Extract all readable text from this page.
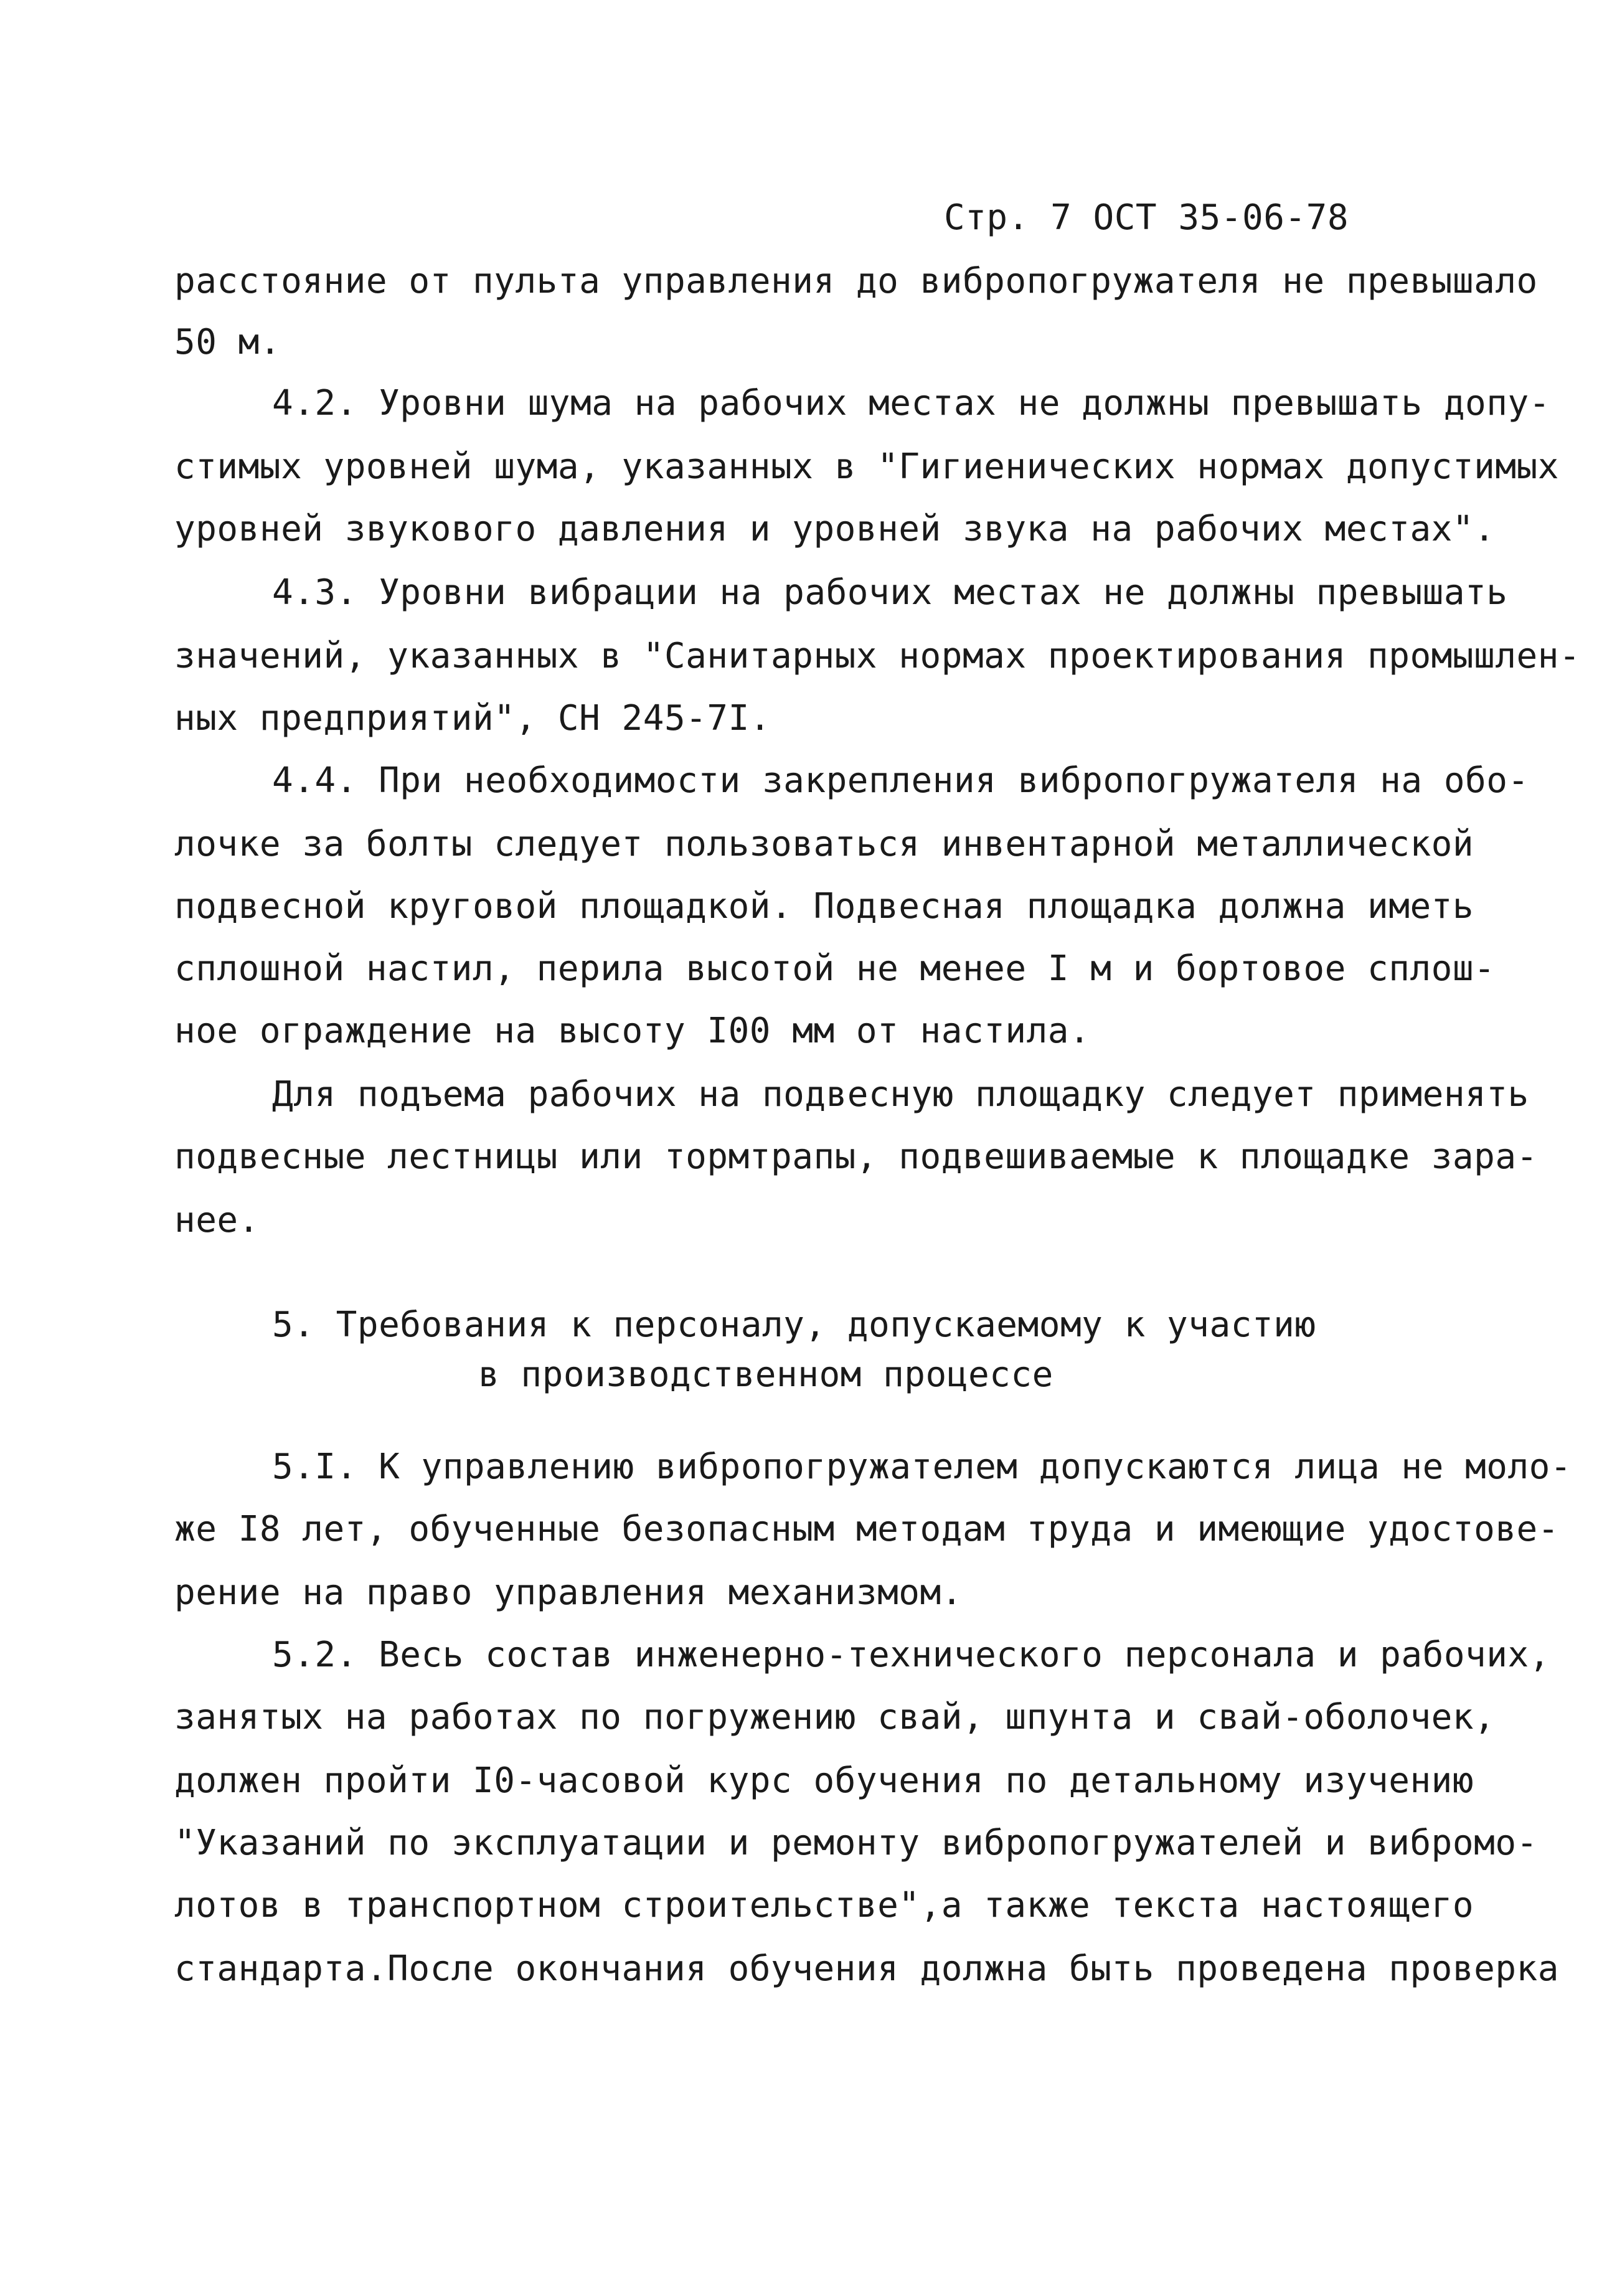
Стр. 7 ОСТ 35-06-78
расстояние от пульта управления до вибропогружателя не превышало
50 м.
4.2. Уровни шума на рабочих местах не должны превышать допу-
стимых уровней шума, указанных в "Гигиенических нормах допустимых
уровней звукового давления и уровней звука на рабочих местах".
4.3. Уровни вибрации на рабочих местах не должны превышать
значений, указанных в "Санитарных нормах проектирования промышлен-
ных предприятий", СН 245-7I.
4.4. При необходимости закрепления вибропогружателя на обо-
лочке за болты следует пользоваться инвентарной металлической
подвесной круговой площадкой. Подвесная площадка должна иметь
сплошной настил, перила высотой не менее I м и бортовое сплош-
ное ограждение на высоту I00 мм от настила.
Для подъема рабочих на подвесную площадку следует применять
подвесные лестницы или тормтрапы, подвешиваемые к площадке зара-
нее.
5. Требования к персоналу, допускаемому к участию
в производственном процессе
5.I. К управлению вибропогружателем допускаются лица не моло-
же I8 лет, обученные безопасным методам труда и имеющие удостове-
рение на право управления механизмом.
5.2. Весь состав инженерно-технического персонала и рабочих,
занятых на работах по погружению свай, шпунта и свай-оболочек,
должен пройти I0-часовой курс обучения по детальному изучению
"Указаний по эксплуатации и ремонту вибропогружателей и вибромо-
лотов в транспортном строительстве",а также текста настоящего
стандарта.После окончания обучения должна быть проведена проверка
